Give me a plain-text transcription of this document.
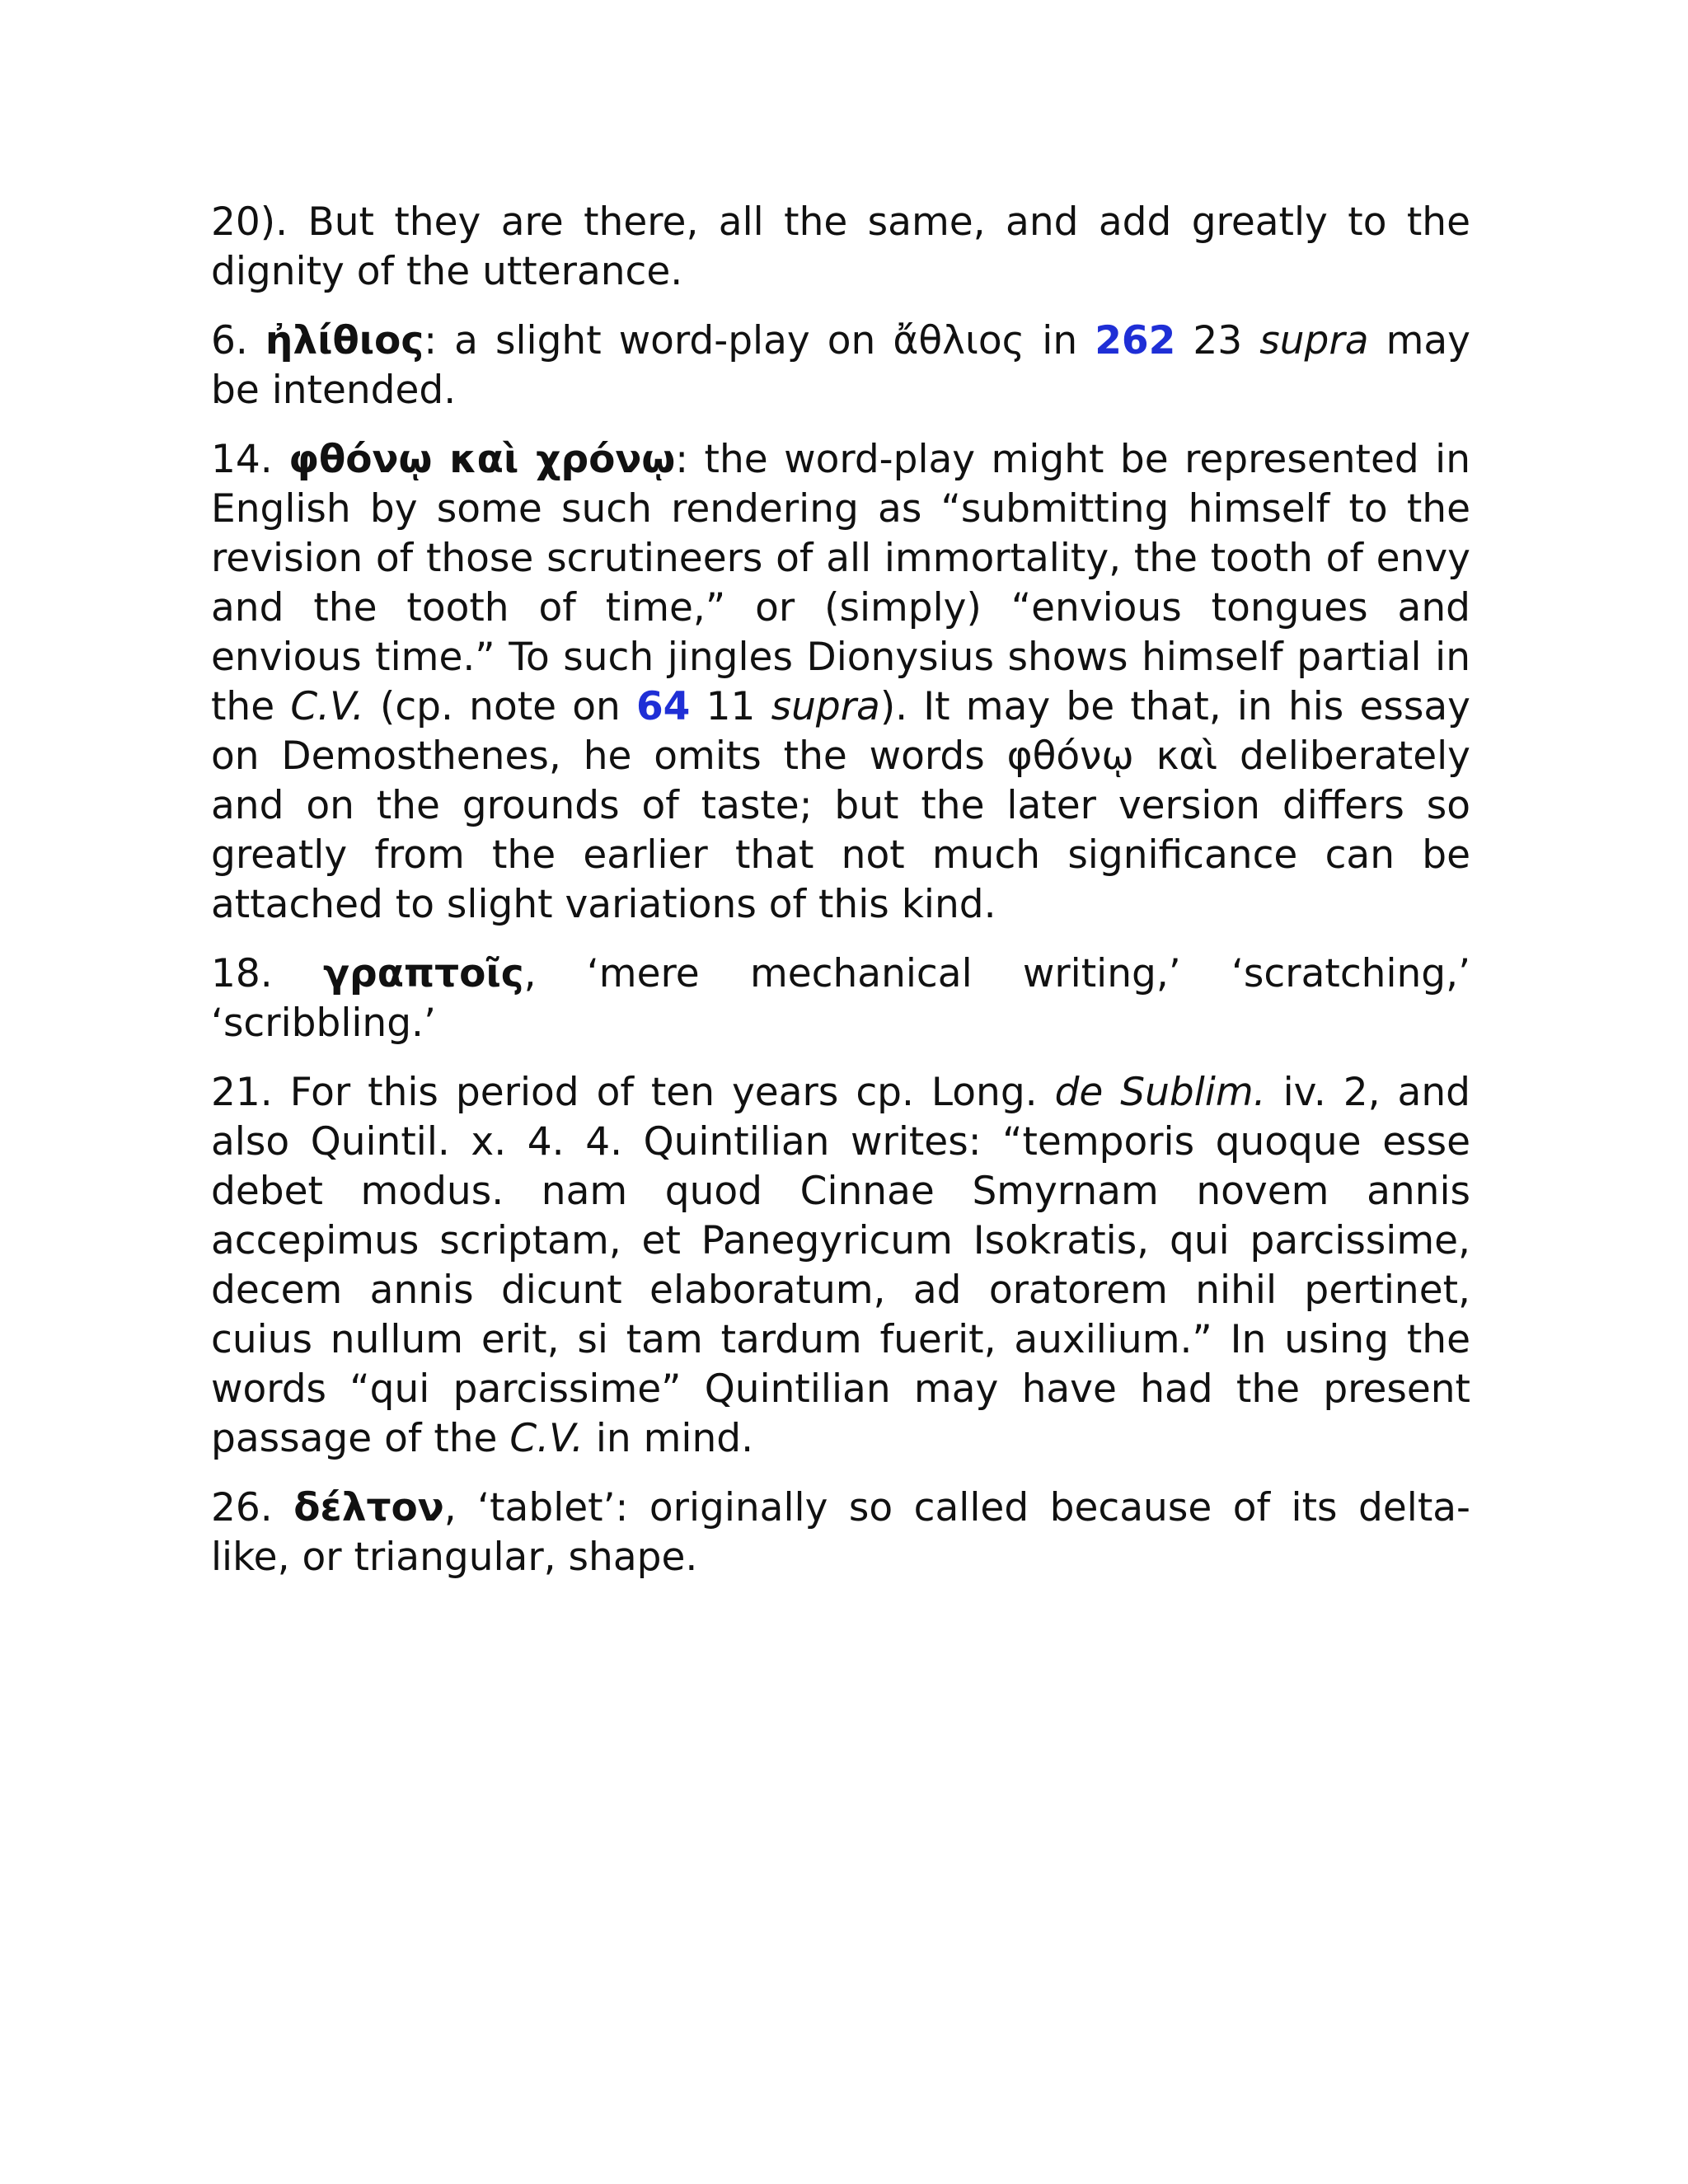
20). But they are there, all the same, and add greatly to the dignity of the utterance.

6. ἠλίθιος: a slight word-play on ἄθλιος in 262 23 supra may be intended.

14. φθόνῳ καὶ χρόνῳ: the word-play might be represented in English by some such rendering as “submitting himself to the revision of those scrutineers of all immortality, the tooth of envy and the tooth of time,” or (simply) “envious tongues and envious time.” To such jingles Dionysius shows himself partial in the C.V. (cp. note on 64 11 supra). It may be that, in his essay on Demosthenes, he omits the words φθόνῳ καὶ deliberately and on the grounds of taste; but the later version differs so greatly from the earlier that not much significance can be attached to slight variations of this kind.

18. γραπτοῖς, ‘mere mechanical writing,’ ‘scratching,’ ‘scribbling.’

21. For this period of ten years cp. Long. de Sublim. iv. 2, and also Quintil. x. 4. 4. Quintilian writes: “temporis quoque esse debet modus. nam quod Cinnae Smyrnam novem annis accepimus scriptam, et Panegyricum Isokratis, qui parcissime, decem annis dicunt elaboratum, ad oratorem nihil pertinet, cuius nullum erit, si tam tardum fuerit, auxilium.” In using the words “qui parcissime” Quintilian may have had the present passage of the C.V. in mind.

26. δέλτον, ‘tablet’: originally so called because of its delta-like, or triangular, shape.
